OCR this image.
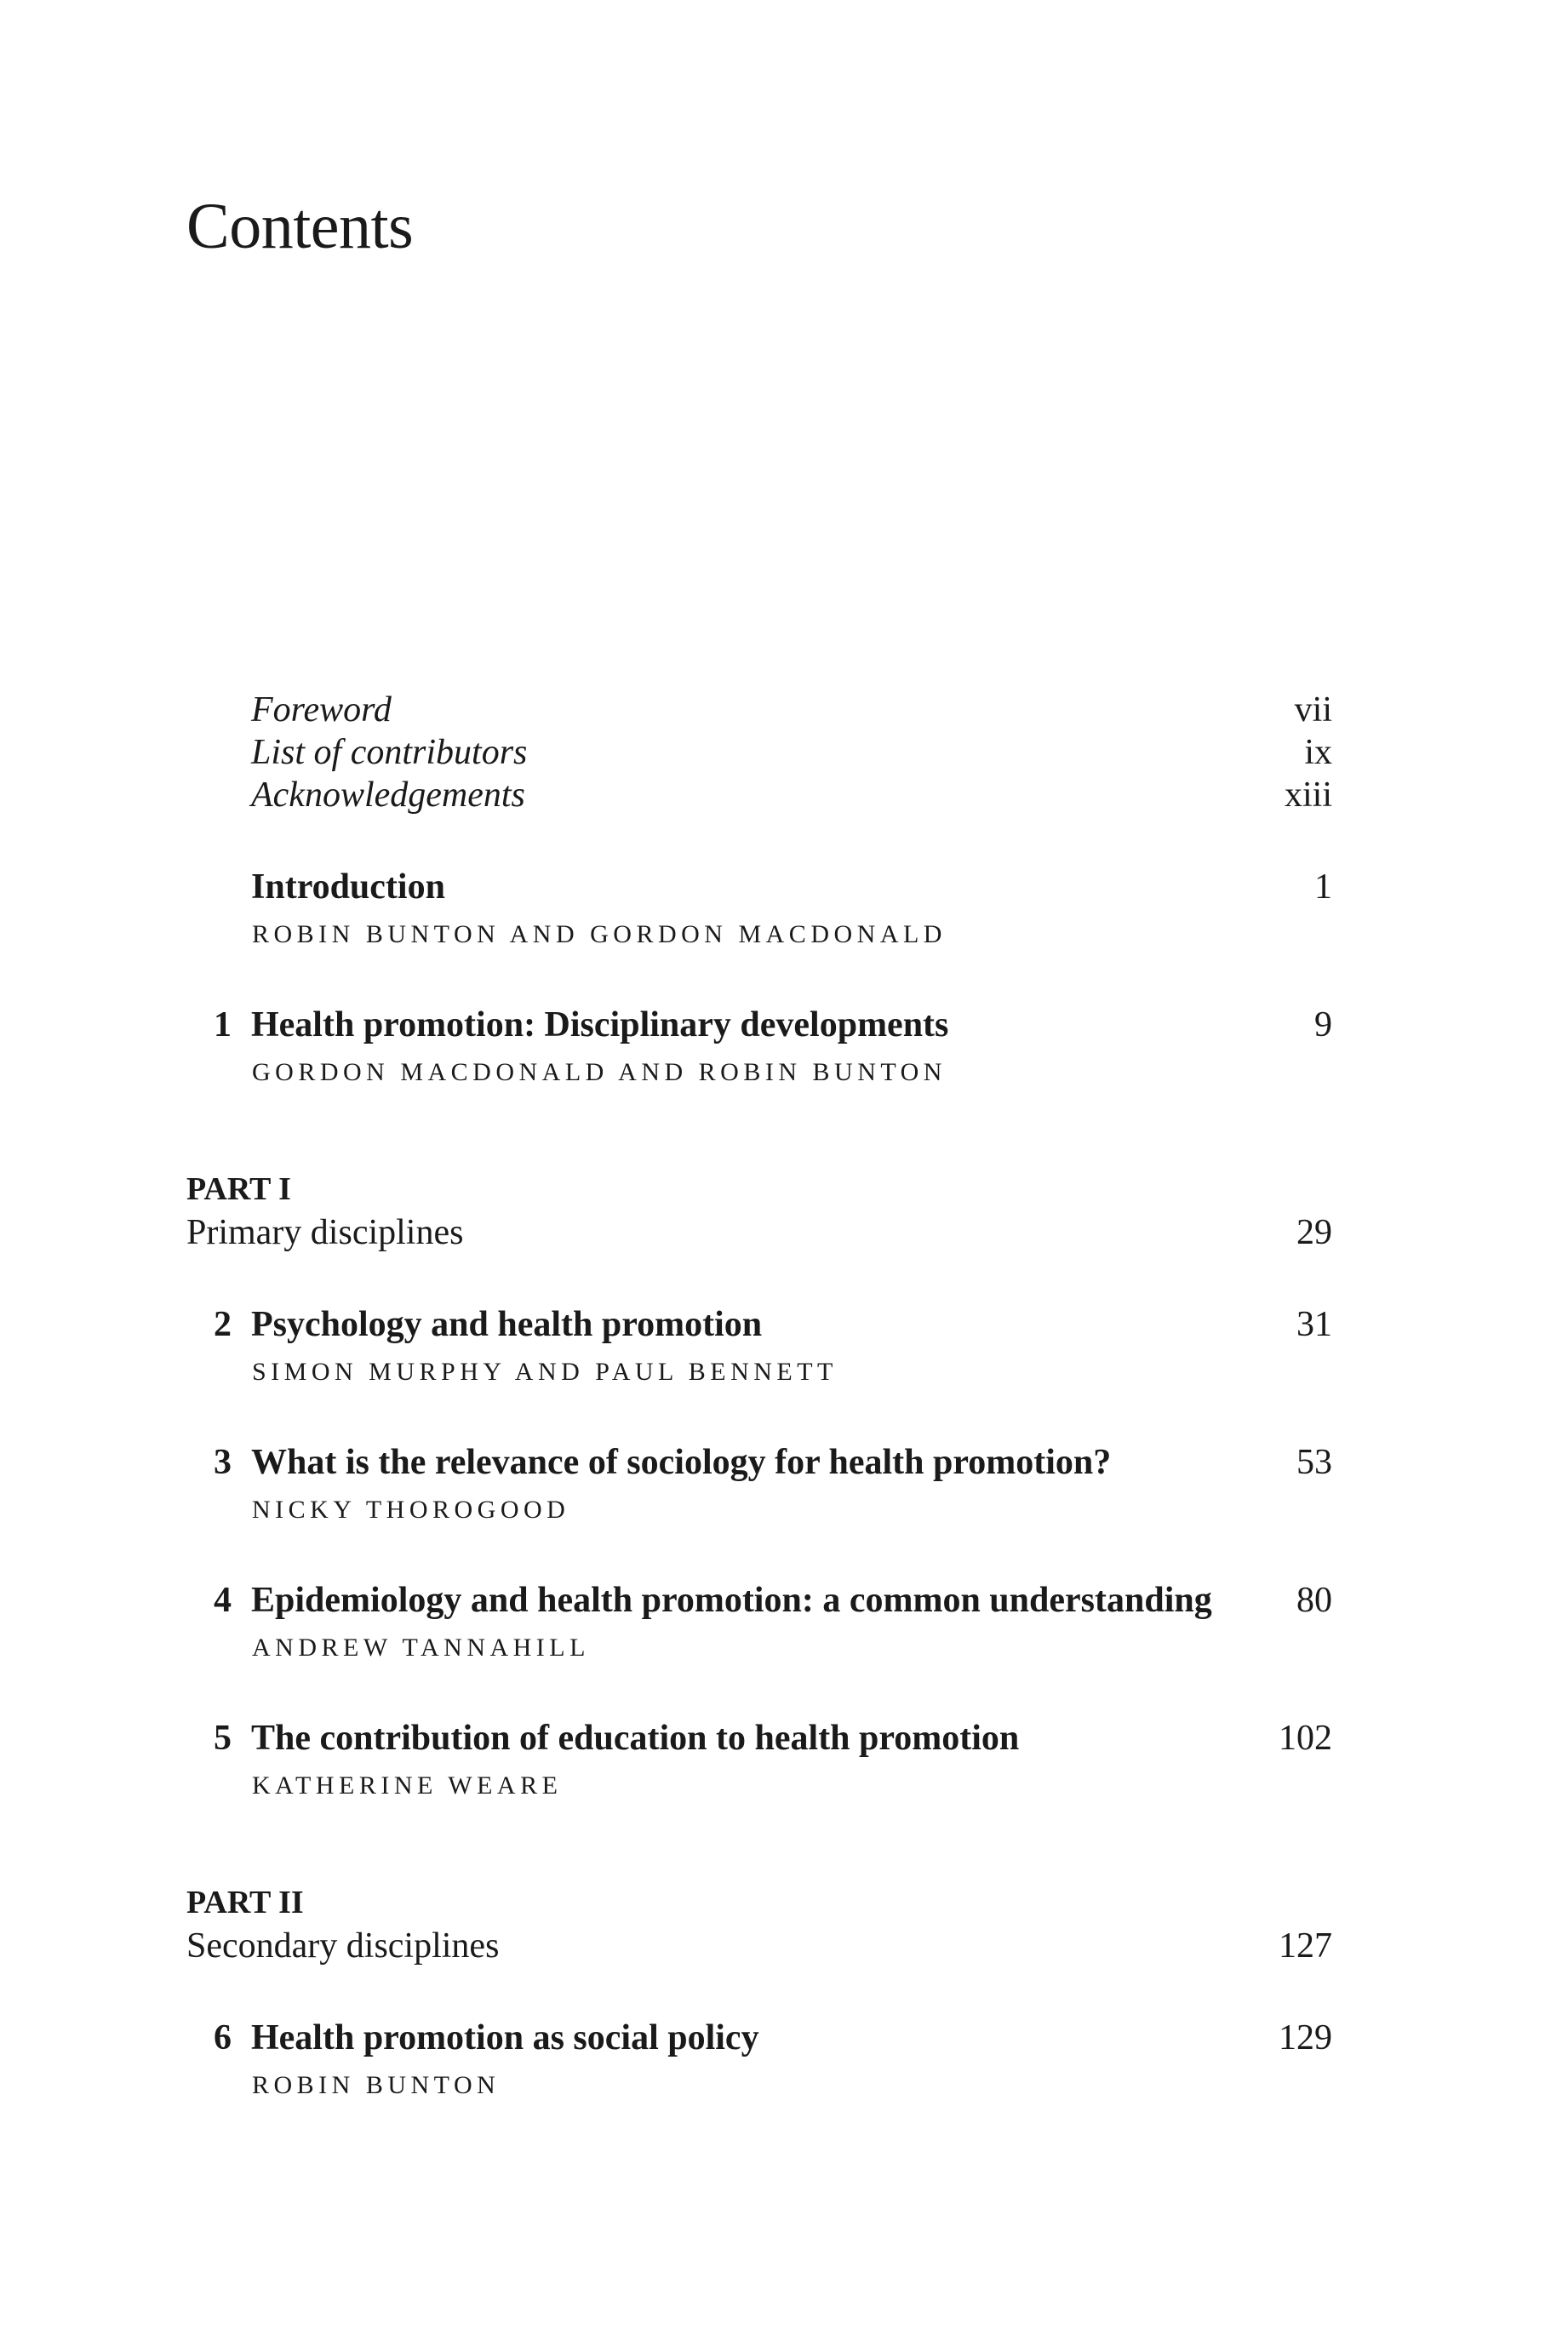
Contents
Foreword	vii
List of contributors	ix
Acknowledgements	xiii
Introduction	1
ROBIN BUNTON AND GORDON MACDONALD
1 Health promotion: Disciplinary developments	9
GORDON MACDONALD AND ROBIN BUNTON
PART I
Primary disciplines	29
2 Psychology and health promotion	31
SIMON MURPHY AND PAUL BENNETT
3 What is the relevance of sociology for health promotion?	53
NICKY THOROGOOD
4 Epidemiology and health promotion: a common understanding 80
ANDREW TANNAHILL
5 The contribution of education to health promotion	102
KATHERINE WEARE
PART II
Secondary disciplines	127
6 Health promotion as social policy	129
ROBIN BUNTON
